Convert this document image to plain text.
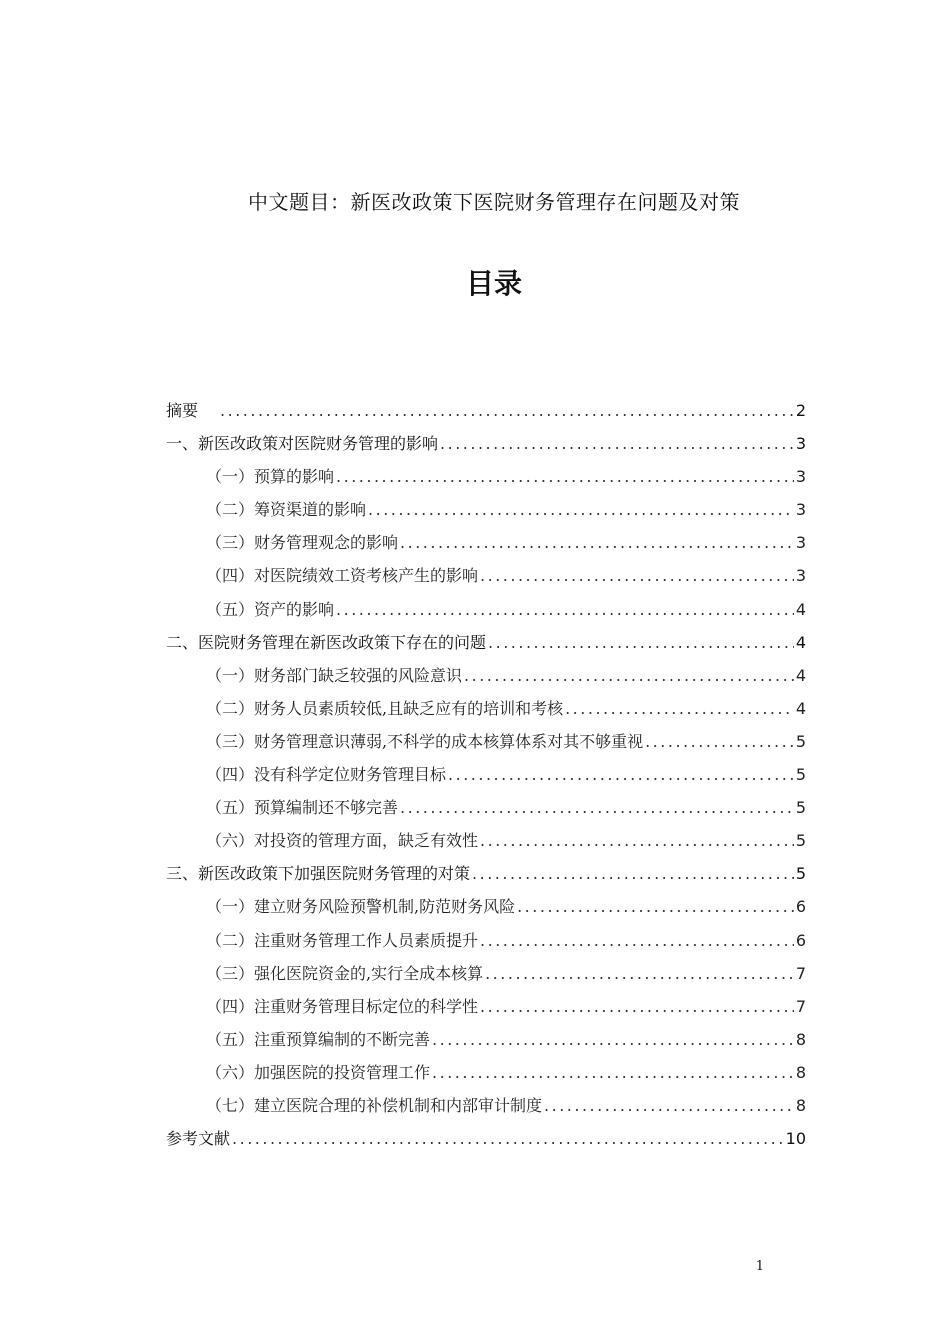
中文题目：新医改政策下医院财务管理存在问题及对策
目录
摘要 .....	2
一、新医改政策对医院财务管理的影响 .....	3
（一）预算的影响 .....	3
（二）筹资渠道的影响 .....	3
（三）财务管理观念的影响 .....	3
（四）对医院绩效工资考核产生的影响 .....	3
（五）资产的影响 .....	4
二、医院财务管理在新医改政策下存在的问题 .....	4
（一）财务部门缺乏较强的风险意识 .....	4
（二）财务人员素质较低,且缺乏应有的培训和考核 .....	4
（三）财务管理意识薄弱,不科学的成本核算体系对其不够重视 .....	5
（四）没有科学定位财务管理目标 .....	5
（五）预算编制还不够完善 .....	5
（六）对投资的管理方面，缺乏有效性 .....	5
三、新医改政策下加强医院财务管理的对策 .....	5
（一）建立财务风险预警机制,防范财务风险 .....	6
（二）注重财务管理工作人员素质提升 .....	6
（三）强化医院资金的,实行全成本核算 .....	7
（四）注重财务管理目标定位的科学性 .....	7
（五）注重预算编制的不断完善 .....	8
（六）加强医院的投资管理工作 .....	8
（七）建立医院合理的补偿机制和内部审计制度 .....	8
参考文献 .....	10
1
